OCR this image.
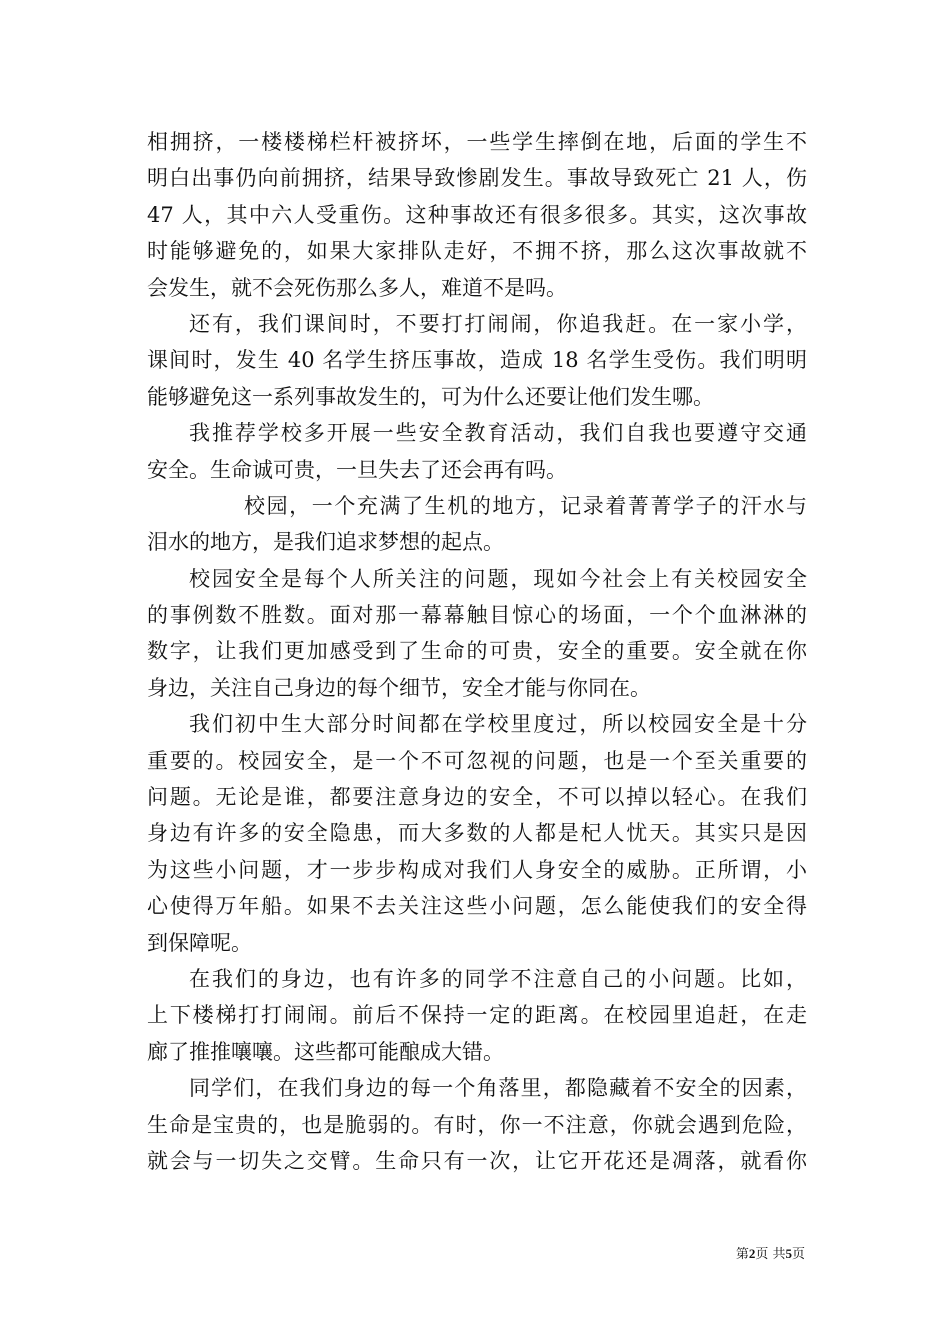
相拥挤，一楼楼梯栏杆被挤坏，一些学生摔倒在地，后面的学生不
明白出事仍向前拥挤，结果导致惨剧发生。事故导致死亡 21 人，伤
47 人，其中六人受重伤。这种事故还有很多很多。其实，这次事故
时能够避免的，如果大家排队走好，不拥不挤，那么这次事故就不
会发生，就不会死伤那么多人，难道不是吗。
还有，我们课间时，不要打打闹闹，你追我赶。在一家小学，
课间时，发生 40 名学生挤压事故，造成 18 名学生受伤。我们明明
能够避免这一系列事故发生的，可为什么还要让他们发生哪。
我推荐学校多开展一些安全教育活动，我们自我也要遵守交通
安全。生命诚可贵，一旦失去了还会再有吗。
校园，一个充满了生机的地方，记录着菁菁学子的汗水与
泪水的地方，是我们追求梦想的起点。
校园安全是每个人所关注的问题，现如今社会上有关校园安全
的事例数不胜数。面对那一幕幕触目惊心的场面，一个个血淋淋的
数字，让我们更加感受到了生命的可贵，安全的重要。安全就在你
身边，关注自己身边的每个细节，安全才能与你同在。
我们初中生大部分时间都在学校里度过，所以校园安全是十分
重要的。校园安全，是一个不可忽视的问题，也是一个至关重要的
问题。无论是谁，都要注意身边的安全，不可以掉以轻心。在我们
身边有许多的安全隐患，而大多数的人都是杞人忧天。其实只是因
为这些小问题，才一步步构成对我们人身安全的威胁。正所谓，小
心使得万年船。如果不去关注这些小问题，怎么能使我们的安全得
到保障呢。
在我们的身边，也有许多的同学不注意自己的小问题。比如，
上下楼梯打打闹闹。前后不保持一定的距离。在校园里追赶，在走
廊了推推嚷嚷。这些都可能酿成大错。
同学们，在我们身边的每一个角落里，都隐藏着不安全的因素，
生命是宝贵的，也是脆弱的。有时，你一不注意，你就会遇到危险，
就会与一切失之交臂。生命只有一次，让它开花还是凋落，就看你
第2页 共5页
